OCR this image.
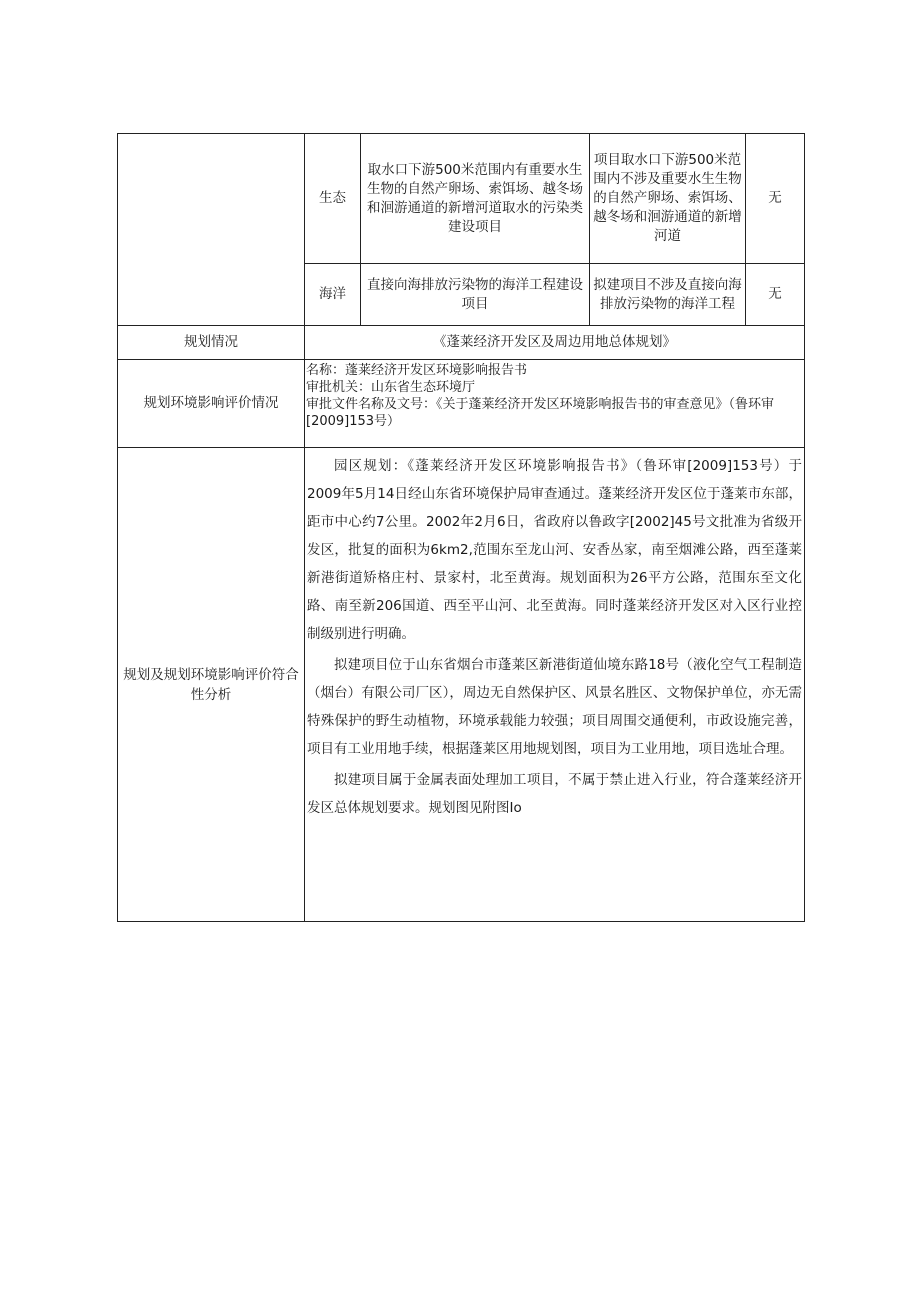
	生态	取水口下游500米范围内有重要水生生物的自然产卵场、索饵场、越冬场和洄游通道的新增河道取水的污染类建设项目	项目取水口下游500米范围内不涉及重要水生生物的自然产卵场、索饵场、越冬场和洄游通道的新增河道	无
	海洋	直接向海排放污染物的海洋工程建设项目	拟建项目不涉及直接向海排放污染物的海洋工程	无
规划情况	《蓬莱经济开发区及周边用地总体规划》			
规划环境影响评价情况	名称：蓬莱经济开发区环境影响报告书
审批机关：山东省生态环境厅
审批文件名称及文号：《关于蓬莱经济开发区环境影响报告书的审查意见》（鲁环审[2009]153号）			

规划及规划环境影响评价符合性分析	园区规划：《蓬莱经济开发区环境影响报告书》（鲁环审[2009]153号）于2009年5月14日经山东省环境保护局审查通过。蓬莱经济开发区位于蓬莱市东部，距市中心约7公里。2002年2月6日，省政府以鲁政字[2002]45号文批准为省级开发区，批复的面积为6km2,范围东至龙山河、安香丛家，南至烟滩公路，西至蓬莱新港街道矫格庄村、景家村，北至黄海。规划面积为26平方公路，范围东至文化路、南至新206国道、西至平山河、北至黄海。同时蓬莱经济开发区对入区行业控制级别进行明确。

拟建项目位于山东省烟台市蓬莱区新港街道仙境东路18号（液化空气工程制造（烟台）有限公司厂区），周边无自然保护区、风景名胜区、文物保护单位，亦无需特殊保护的野生动植物，环境承载能力较强；项目周围交通便利，市政设施完善，项目有工业用地手续，根据蓬莱区用地规划图，项目为工业用地，项目选址合理。

拟建项目属于金属表面处理加工项目，不属于禁止进入行业，符合蓬莱经济开发区总体规划要求。规划图见附图Io			
